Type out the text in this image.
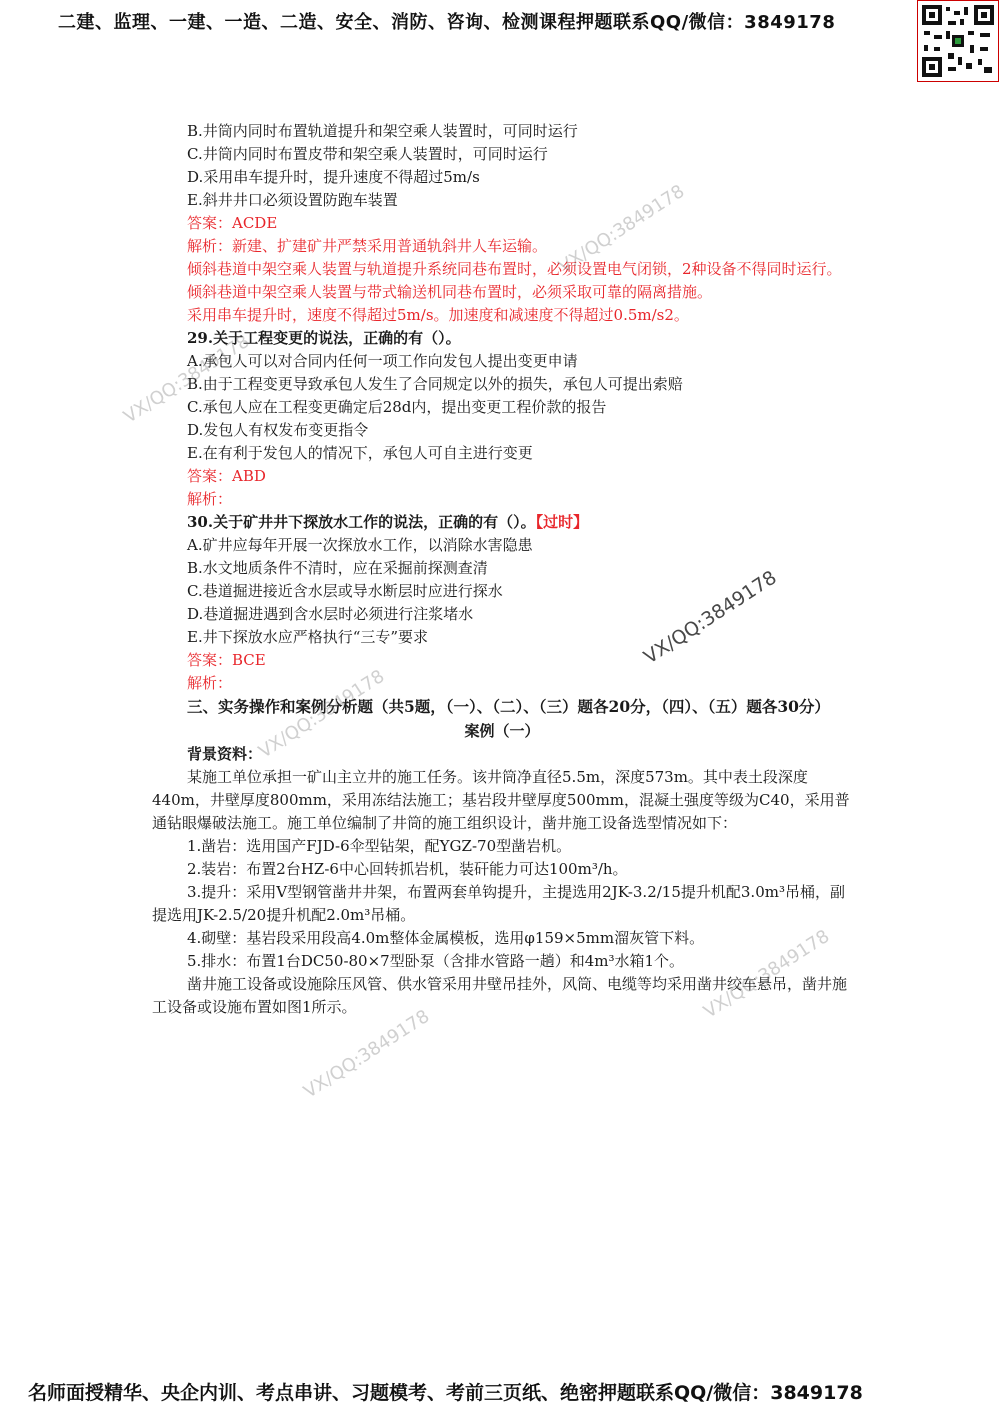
二建、监理、一建、一造、二造、安全、消防、咨询、检测课程押题联系QQ/微信：3849178
B.井筒内同时布置轨道提升和架空乘人装置时，可同时运行
C.井筒内同时布置皮带和架空乘人装置时，可同时运行
D.采用串车提升时，提升速度不得超过5m/s
E.斜井井口必须设置防跑车装置
答案：ACDE
解析：新建、扩建矿井严禁采用普通轨斜井人车运输。
倾斜巷道中架空乘人装置与轨道提升系统同巷布置时，必须设置电气闭锁，2种设备不得同时运行。
倾斜巷道中架空乘人装置与带式输送机同巷布置时，必须采取可靠的隔离措施。
采用串车提升时，速度不得超过5m/s。加速度和减速度不得超过0.5m/s2。
29.关于工程变更的说法，正确的有（）。
A.承包人可以对合同内任何一项工作向发包人提出变更申请
B.由于工程变更导致承包人发生了合同规定以外的损失，承包人可提出索赔
C.承包人应在工程变更确定后28d内，提出变更工程价款的报告
D.发包人有权发布变更指令
E.在有利于发包人的情况下，承包人可自主进行变更
答案：ABD
解析：
30.关于矿井井下探放水工作的说法，正确的有（）。【过时】
A.矿井应每年开展一次探放水工作，以消除水害隐患
B.水文地质条件不清时，应在采掘前探测查清
C.巷道掘进接近含水层或导水断层时应进行探水
D.巷道掘进遇到含水层时必须进行注浆堵水
E.井下探放水应严格执行“三专”要求
答案：BCE
解析：
三、实务操作和案例分析题（共5题，（一）、（二）、（三）题各20分，（四）、（五）题各30分）
案例（一）
背景资料：
某施工单位承担一矿山主立井的施工任务。该井筒净直径5.5m，深度573m。其中表土段深度440m，井壁厚度800mm，采用冻结法施工；基岩段井壁厚度500mm，混凝土强度等级为C40，采用普通钻眼爆破法施工。施工单位编制了井筒的施工组织设计，凿井施工设备选型情况如下：
1.凿岩：选用国产FJD-6伞型钻架，配YGZ-70型凿岩机。
2.装岩：布置2台HZ-6中心回转抓岩机，装矸能力可达100m³/h。
3.提升：采用Ⅴ型钢管凿井井架，布置两套单钩提升，主提选用2JK-3.2/15提升机配3.0m³吊桶，副提选用JK-2.5/20提升机配2.0m³吊桶。
4.砌壁：基岩段采用段高4.0m整体金属模板，选用φ159×5mm溜灰管下料。
5.排水：布置1台DC50-80×7型卧泵（含排水管路一趟）和4m³水箱1个。
凿井施工设备或设施除压风管、供水管采用井壁吊挂外，风筒、电缆等均采用凿井绞车悬吊，凿井施工设备或设施布置如图1所示。
VX/QQ:3849178
VX/QQ:3849178
VX/QQ:3849178
VX/QQ:3849178
VX/QQ:3849178
VX/QQ:3849178
名师面授精华、央企内训、考点串讲、习题模考、考前三页纸、绝密押题联系QQ/微信：3849178
